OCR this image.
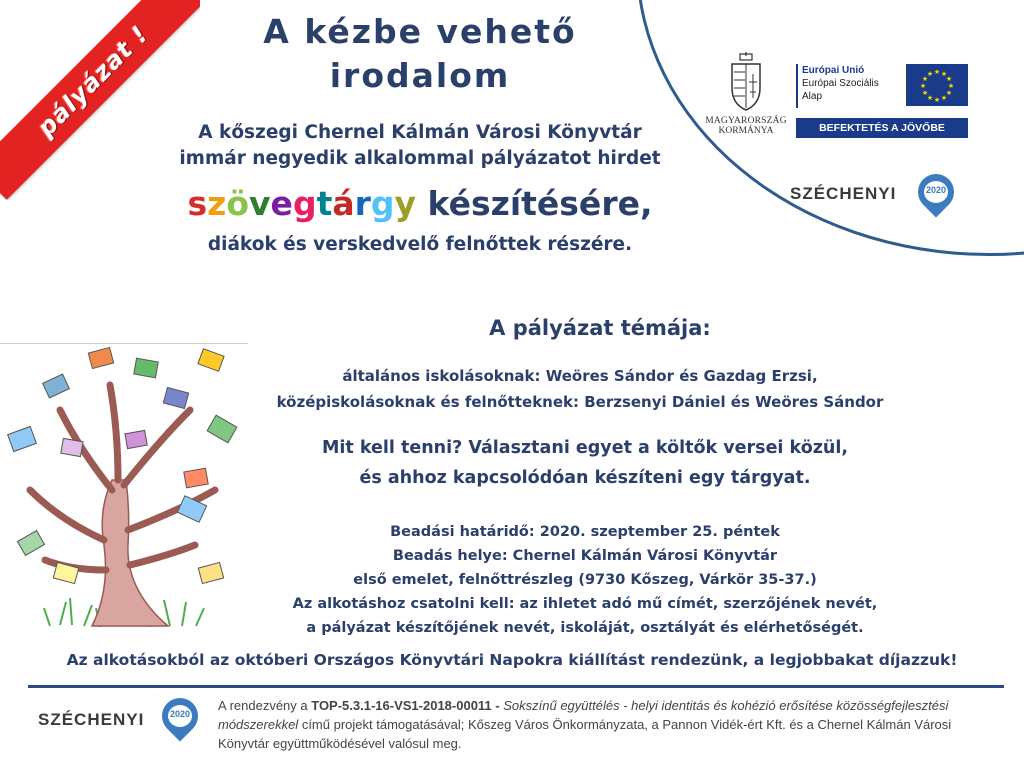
pályázat !	A kézbe vehető
irodalom
A kőszegi Chernel Kálmán Városi Könyvtár
immár negyedik alkalommal pályázatot hirdet
szövegtárgy készítésére,
diákok és verskedvelő felnőttek részére.
MAGYARORSZÁG
KORMÁNYA
Európai Unió
Európai Szociális
Alap
★ ★
★
★
★
★
★
★
★
★
★
★
BEFEKTETÉS A JÖVŐBE
SZÉCHENYI	2020
A pályázat témája:
általános iskolásoknak: Weöres Sándor és Gazdag Erzsi,
középiskolásoknak és felnőtteknek: Berzsenyi Dániel és Weöres Sándor
Mit kell tenni? Választani egyet a költők versei közül,
és ahhoz kapcsolódóan készíteni egy tárgyat.
Beadási határidő: 2020. szeptember 25. péntek
Beadás helye: Chernel Kálmán Városi Könyvtár
első emelet, felnőttrészleg (9730 Kőszeg, Várkör 35-37.)
Az alkotáshoz csatolni kell: az ihletet adó mű címét, szerzőjének nevét,
a pályázat készítőjének nevét, iskoláját, osztályát és elérhetőségét.
Az alkotásokból az októberi Országos Könyvtári Napokra kiállítást rendezünk, a legjobbakat díjazzuk!
SZÉCHENYI	2020
A rendezvény a TOP-5.3.1-16-VS1-2018-00011 - Sokszínű együttélés - helyi identitás és kohézió erősítése közösségfejlesztési módszerekkel című projekt támogatásával; Kőszeg Város Önkormányzata, a Pannon Vidék-ért Kft. és a Chernel Kálmán Városi Könyvtár együttműködésével valósul meg.
